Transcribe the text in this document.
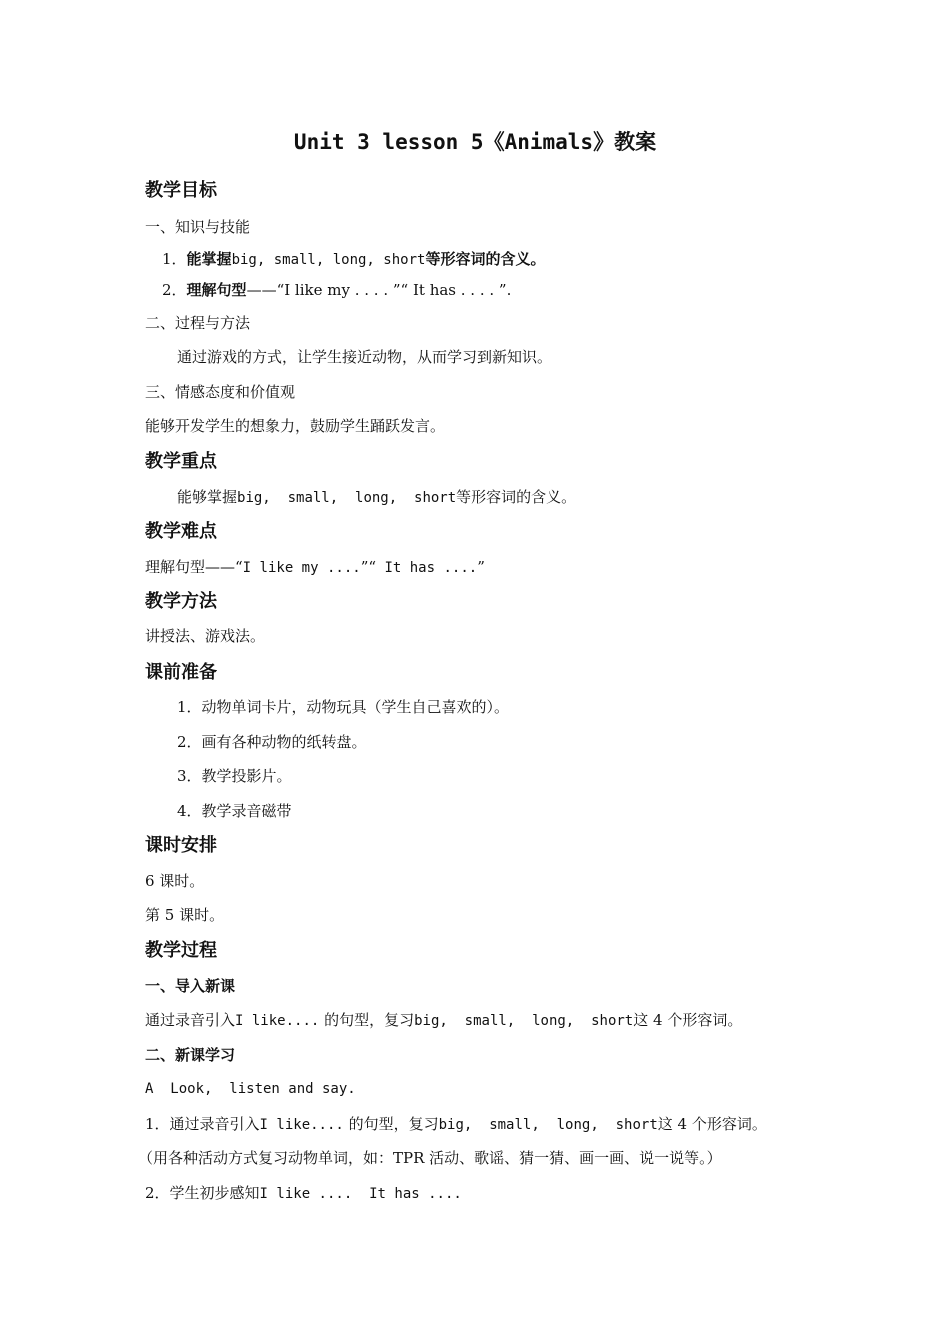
Unit 3 lesson 5《Animals》教案
教学目标
一、知识与技能
1．能掌握big, small, long, short等形容词的含义。
2．理解句型——“I like my . . . . ”“ It has . . . . ”.
二、过程与方法
通过游戏的方式，让学生接近动物，从而学习到新知识。
三、情感态度和价值观
能够开发学生的想象力，鼓励学生踊跃发言。
教学重点
能够掌握big,  small,  long,  short等形容词的含义。
教学难点
理解句型——“I like my ....”“ It has ....”
教学方法
讲授法、游戏法。
课前准备
1．动物单词卡片，动物玩具（学生自己喜欢的）。
2．画有各种动物的纸转盘。
3．教学投影片。
4．教学录音磁带
课时安排
6 课时。
第 5 课时。
教学过程
一、导入新课
通过录音引入I like.... 的句型，复习big,  small,  long,  short这 4 个形容词。
二、新课学习
A  Look,  listen and say.
1．通过录音引入I like.... 的句型，复习big,  small,  long,  short这 4 个形容词。
（用各种活动方式复习动物单词，如：TPR 活动、歌谣、猜一猜、画一画、说一说等。）
2．学生初步感知I like ....  It has ....
